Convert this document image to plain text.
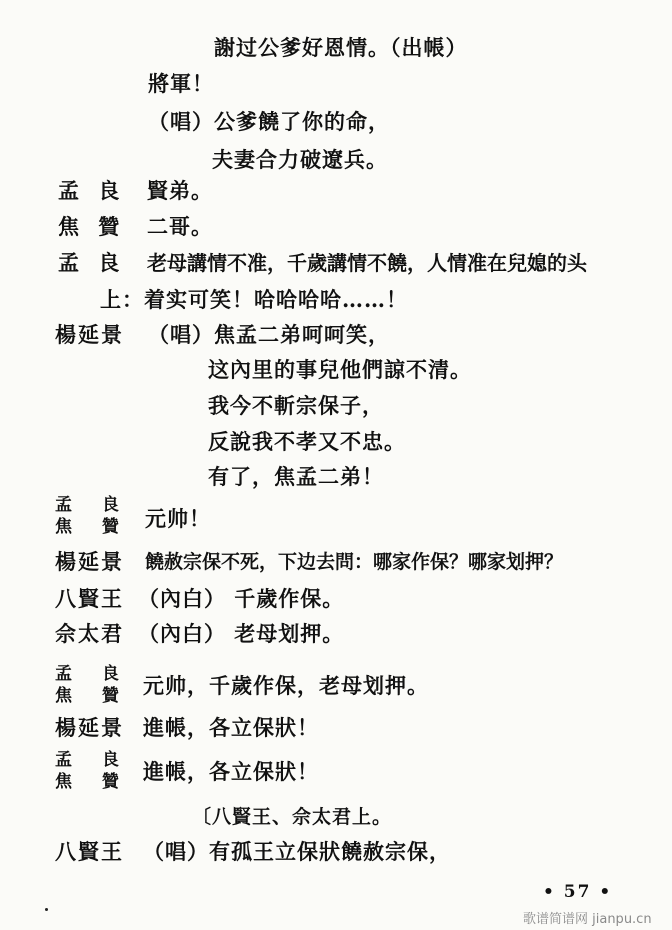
謝过公爹好恩情。（出帳）
將軍！
（唱）公爹饒了你的命，
夫妻合力破遼兵。
孟 良 賢弟。
焦 贊 二哥。
孟 良 老母講情不准，千歲講情不饒，人情准在兒媳的头
上：着实可笑！哈哈哈哈……！
楊延景 （唱）焦孟二弟呵呵笑，
这內里的事兒他們諒不清。
我今不斬宗保子，
反說我不孝又不忠。
有了，焦孟二弟！
孟 良
焦 贊 元帅！
楊延景 饒赦宗保不死，下边去問：哪家作保？哪家划押？
八賢王 （內白） 千歲作保。
佘太君 （內白） 老母划押。
孟 良
焦 贊 元帅，千歲作保，老母划押。
楊延景 進帳，各立保狀！
孟 良
焦 贊 進帳，各立保狀！
〔八賢王、佘太君上。
八賢王 （唱）有孤王立保狀饒赦宗保，
• 57 •
歌谱简谱网 jianpu.cn
